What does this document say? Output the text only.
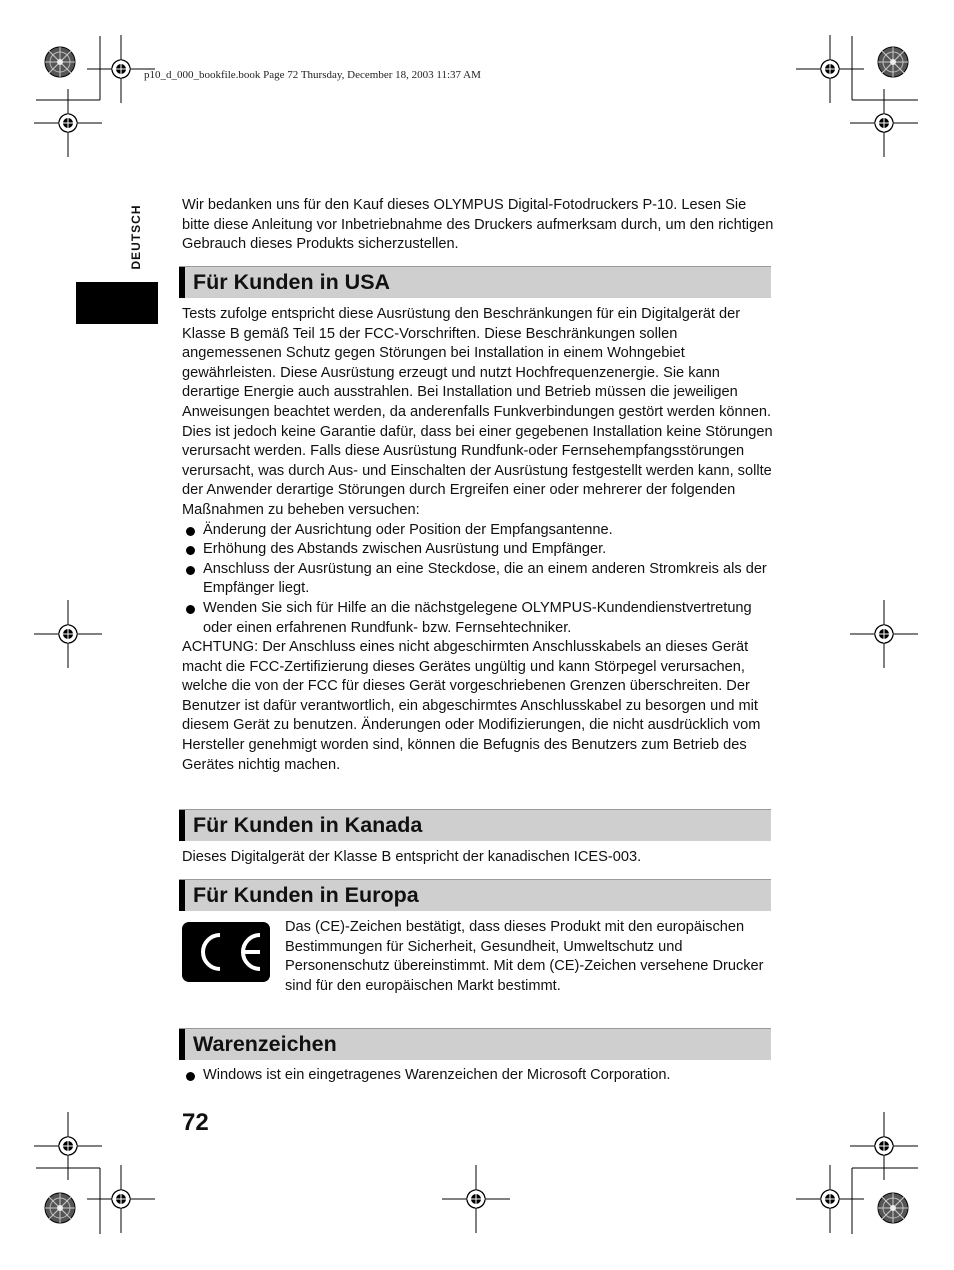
p10_d_000_bookfile.book Page 72 Thursday, December 18, 2003 11:37 AM
DEUTSCH	Wir bedanken uns für den Kauf dieses OLYMPUS Digital-Fotodruckers P-10. Lesen Sie bitte diese Anleitung vor Inbetriebnahme des Druckers aufmerksam durch, um den richtigen Gebrauch dieses Produkts sicherzustellen.
Für Kunden in USA
Tests zufolge entspricht diese Ausrüstung den Beschränkungen für ein Digitalgerät der Klasse B gemäß Teil 15 der FCC-Vorschriften. Diese Beschränkungen sollen angemessenen Schutz gegen Störungen bei Installation in einem Wohngebiet gewährleisten. Diese Ausrüstung erzeugt und nutzt Hochfrequenzenergie. Sie kann derartige Energie auch ausstrahlen. Bei Installation und Betrieb müssen die jeweiligen Anweisungen beachtet werden, da anderenfalls Funkverbindungen gestört werden können. Dies ist jedoch keine Garantie dafür, dass bei einer gegebenen Installation keine Störungen verursacht werden. Falls diese Ausrüstung Rundfunk-oder Fernsehempfangsstörungen verursacht, was durch Aus- und Einschalten der Ausrüstung festgestellt werden kann, sollte der Anwender derartige Störungen durch Ergreifen einer oder mehrerer der folgenden Maßnahmen zu beheben versuchen:
Änderung der Ausrichtung oder Position der Empfangsantenne.
Erhöhung des Abstands zwischen Ausrüstung und Empfänger.
Anschluss der Ausrüstung an eine Steckdose, die an einem anderen Stromkreis als der Empfänger liegt.
Wenden Sie sich für Hilfe an die nächstgelegene OLYMPUS-Kundendienstvertretung oder einen erfahrenen Rundfunk- bzw. Fernsehtechniker.
ACHTUNG: Der Anschluss eines nicht abgeschirmten Anschlusskabels an dieses Gerät macht die FCC-Zertifizierung dieses Gerätes ungültig und kann Störpegel verursachen, welche die von der FCC für dieses Gerät vorgeschriebenen Grenzen überschreiten. Der Benutzer ist dafür verantwortlich, ein abgeschirmtes Anschlusskabel zu besorgen und mit diesem Gerät zu benutzen. Änderungen oder Modifizierungen, die nicht ausdrücklich vom Hersteller genehmigt worden sind, können die Befugnis des Benutzers zum Betrieb des Gerätes nichtig machen.
Für Kunden in Kanada
Dieses Digitalgerät der Klasse B entspricht der kanadischen ICES-003.
Für Kunden in Europa
Das (CE)-Zeichen bestätigt, dass dieses Produkt mit den europäischen Bestimmungen für Sicherheit, Gesundheit, Umweltschutz und Personenschutz übereinstimmt. Mit dem (CE)-Zeichen versehene Drucker sind für den europäischen Markt bestimmt.
Warenzeichen
Windows ist ein eingetragenes Warenzeichen der Microsoft Corporation.
72
